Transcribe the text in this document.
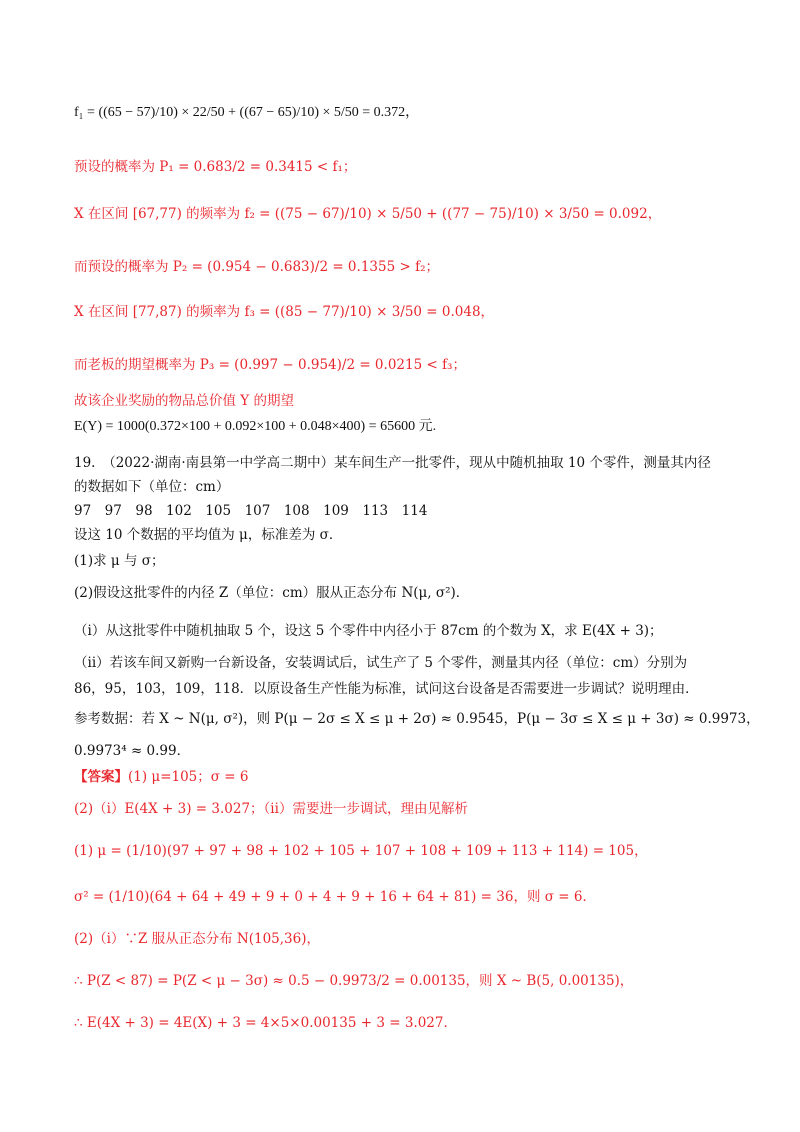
f₁ = ((65 − 57)/10) × 22/50 + ((67 − 65)/10) × 5/50 = 0.372，
预设的概率为 P₁ = 0.683/2 = 0.3415 < f₁；
X 在区间 [67,77) 的频率为 f₂ = ((75 − 67)/10) × 5/50 + ((77 − 75)/10) × 3/50 = 0.092，
而预设的概率为 P₂ = (0.954 − 0.683)/2 = 0.1355 > f₂；
X 在区间 [77,87) 的频率为 f₃ = ((85 − 77)/10) × 3/50 = 0.048，
而老板的期望概率为 P₃ = (0.997 − 0.954)/2 = 0.0215 < f₃；
故该企业奖励的物品总价值 Y 的期望
E(Y) = 1000(0.372×100 + 0.092×100 + 0.048×400) = 65600 元.
19.　（2022·湖南·南县第一中学高二期中）某车间生产一批零件，现从中随机抽取 10 个零件，测量其内径
的数据如下（单位：cm）
97　97　98　102　105　107　108　109　113　114
设这 10 个数据的平均值为 μ，标准差为 σ．
(1)求 μ 与 σ；
(2)假设这批零件的内径 Z（单位：cm）服从正态分布 N(μ, σ²)．
（i）从这批零件中随机抽取 5 个，设这 5 个零件中内径小于 87cm 的个数为 X，求 E(4X + 3)；
（ii）若该车间又新购一台新设备，安装调试后，试生产了 5 个零件，测量其内径（单位：cm）分别为
86，95，103，109，118．以原设备生产性能为标准，试问这台设备是否需要进一步调试？说明理由．
参考数据：若 X ~ N(μ, σ²)，则 P(μ − 2σ ≤ X ≤ μ + 2σ) ≈ 0.9545，P(μ − 3σ ≤ X ≤ μ + 3σ) ≈ 0.9973，
0.9973⁴ ≈ 0.99．
【答案】(1) μ=105；σ = 6
(2)（i）E(4X + 3) = 3.027；（ii）需要进一步调试，理由见解析
(1) μ = (1/10)(97 + 97 + 98 + 102 + 105 + 107 + 108 + 109 + 113 + 114) = 105，
σ² = (1/10)(64 + 64 + 49 + 9 + 0 + 4 + 9 + 16 + 64 + 81) = 36，则 σ = 6．
(2)（i）∵Z 服从正态分布 N(105,36)，
∴ P(Z < 87) = P(Z < μ − 3σ) ≈ 0.5 − 0.9973/2 = 0.00135，则 X ~ B(5, 0.00135)，
∴ E(4X + 3) = 4E(X) + 3 = 4×5×0.00135 + 3 = 3.027．
